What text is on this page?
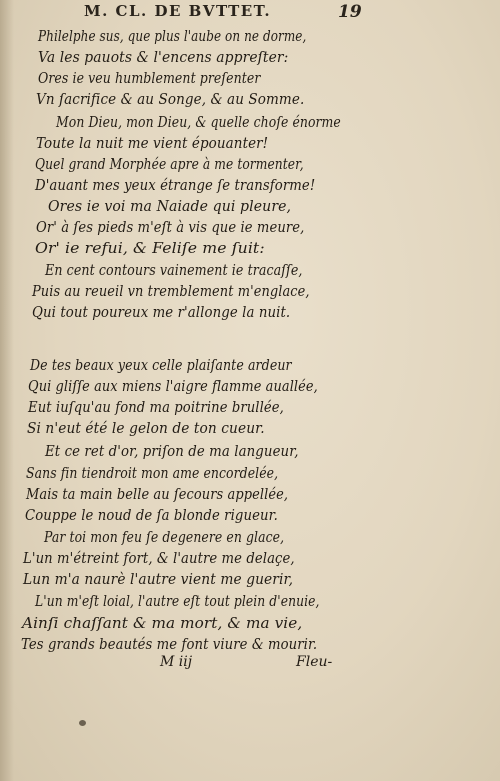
M. CL. DE BVTTET.	19
Philelphe sus, que plus l'aube on ne dorme,
Va les pauots & l'encens appreſter:
Ores ie veu humblement preſenter
Vn ſacrifice & au Songe, & au Somme.
Mon Dieu, mon Dieu, & quelle choſe énorme
Toute la nuit me vient épouanter!
Quel grand Morphée apre à me tormenter,
D'auant mes yeux étrange ſe transforme!
Ores ie voi ma Naiade qui pleure,
Or' à ſes pieds m'eſt à vis que ie meure,
Or' ie refui, & Feliſe me ſuit:
En cent contours vainement ie tracaſſe,
Puis au reueil vn tremblement m'englace,
Qui tout poureux me r'allonge la nuit.
De tes beaux yeux celle plaiſante ardeur
Qui gliſſe aux miens l'aigre flamme auallée,
Eut iuſqu'au fond ma poitrine brullée,
Si n'eut été le gelon de ton cueur.
Et ce ret d'or, priſon de ma langueur,
Sans fin tiendroit mon ame encordelée,
Mais ta main belle au ſecours appellée,
Couppe le noud de ſa blonde rigueur.
Par toi mon feu ſe degenere en glace,
L'un m'étreint fort, & l'autre me delaçe,
Lun m'a naurè l'autre vient me guerir,
L'un m'eſt loial, l'autre eſt tout plein d'enuie,
Ainſi chaſſant & ma mort, & ma vie,
Tes grands beautés me font viure & mourir.
M iij	Fleu-
